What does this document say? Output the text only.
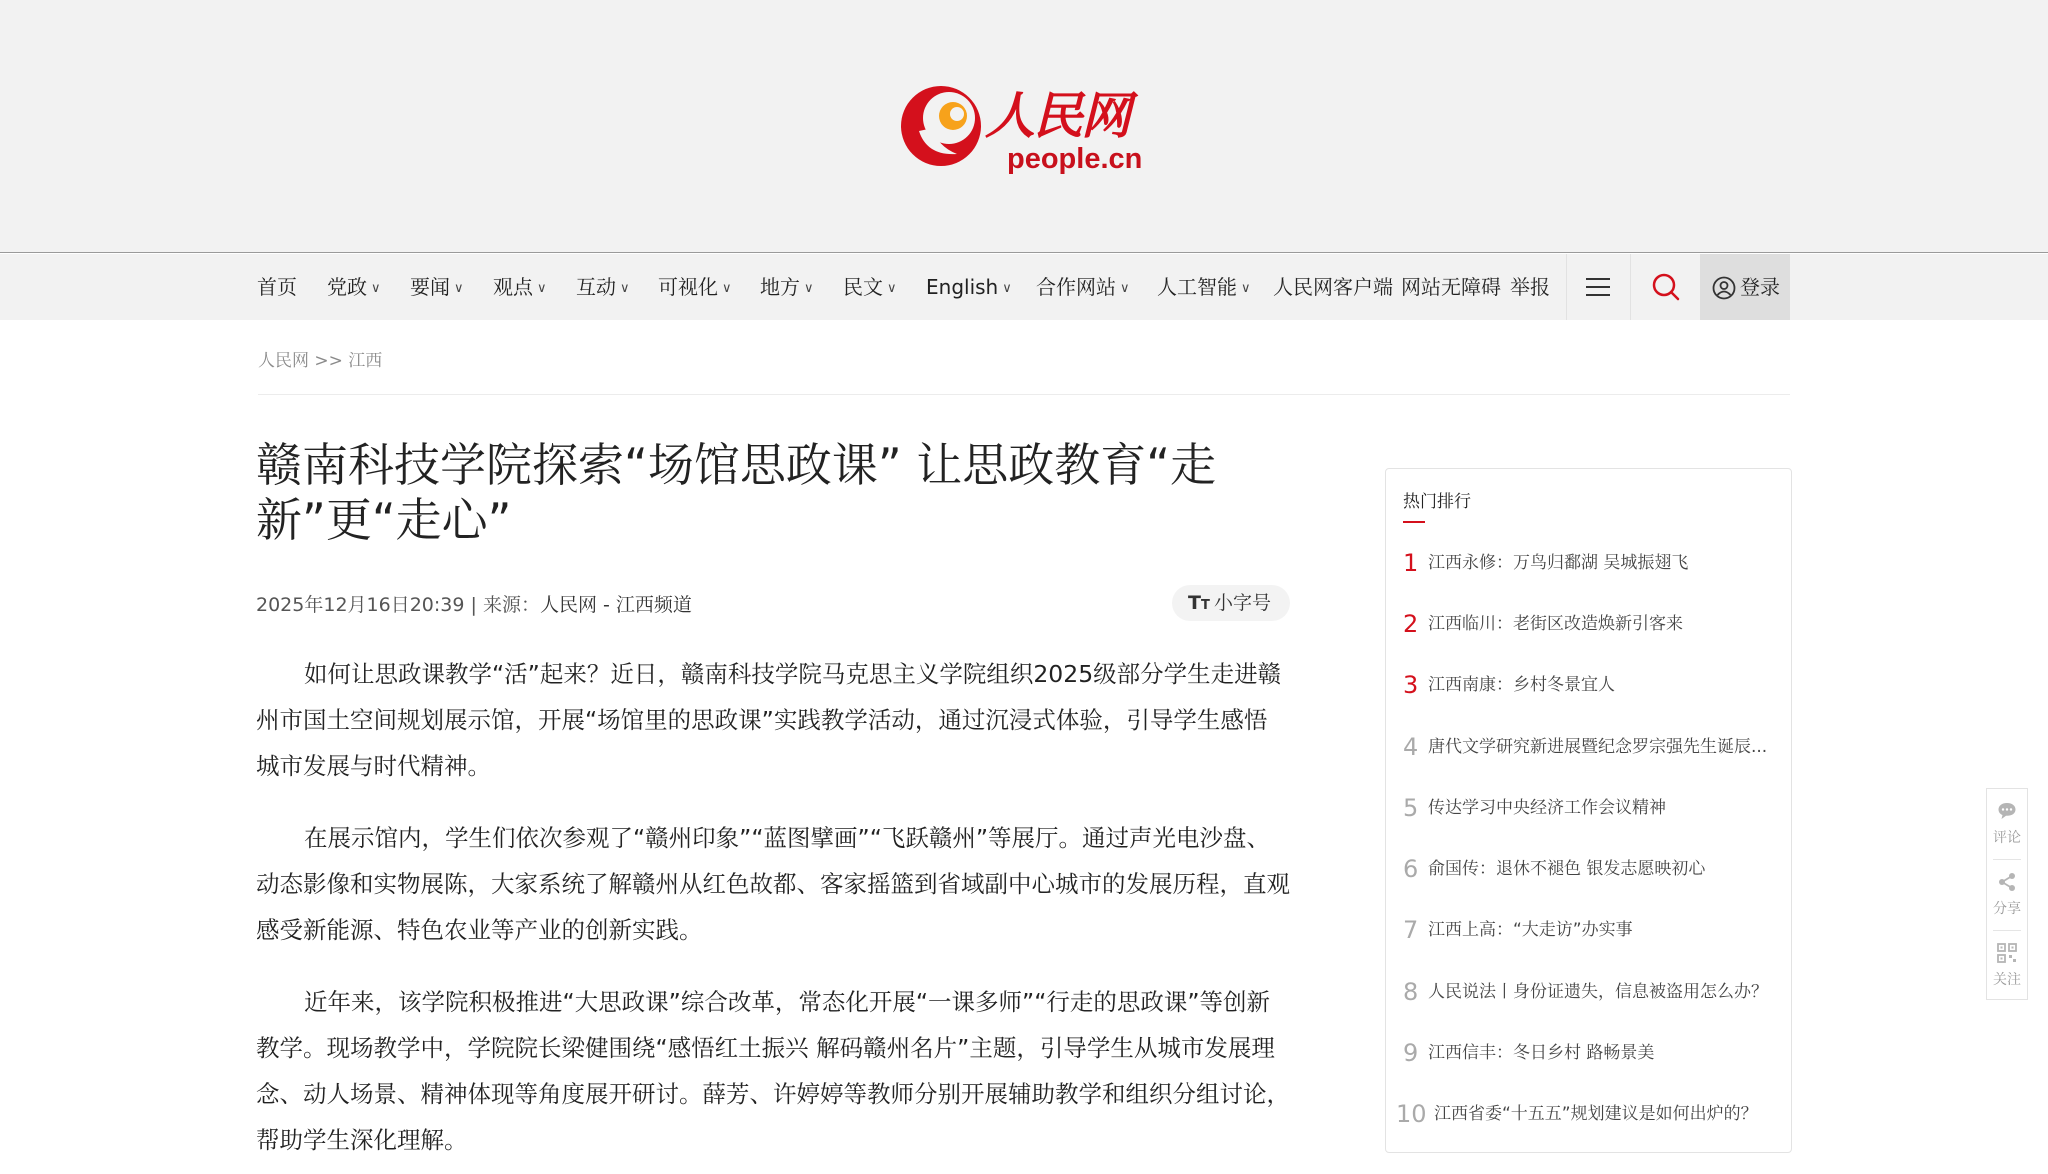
人民网
people.cn
首页 党政 ∨ 要闻 ∨ 观点 ∨ 互动 ∨ 可视化 ∨ 地方 ∨ 民文 ∨ English ∨ 合作网站 ∨ 人工智能 ∨ 人民网客户端 网站无障碍 举报	登录
人民网 >> 江西
赣南科技学院探索“场馆思政课” 让思政教育“走新”更“走心”
2025年12月16日20:39 | 来源：人民网 - 江西频道	TT 小字号

如何让思政课教学“活”起来？近日，赣南科技学院马克思主义学院组织2025级部分学生走进赣州市国土空间规划展示馆，开展“场馆里的思政课”实践教学活动，通过沉浸式体验，引导学生感悟城市发展与时代精神。

在展示馆内，学生们依次参观了“赣州印象”“蓝图擘画”“飞跃赣州”等展厅。通过声光电沙盘、动态影像和实物展陈，大家系统了解赣州从红色故都、客家摇篮到省域副中心城市的发展历程，直观感受新能源、特色农业等产业的创新实践。

近年来，该学院积极推进“大思政课”综合改革，常态化开展“一课多师”“行走的思政课”等创新教学。现场教学中，学院院长梁健围绕“感悟红土振兴 解码赣州名片”主题，引导学生从城市发展理念、动人场景、精神体现等角度展开研讨。薛芳、许婷婷等教师分别开展辅助教学和组织分组讨论，帮助学生深化理解。

热门排行
1 江西永修：万鸟归鄱湖 吴城振翅飞
2 江西临川：老街区改造焕新引客来
3 江西南康：乡村冬景宜人
4 唐代文学研究新进展暨纪念罗宗强先生诞辰...
5 传达学习中央经济工作会议精神
6 俞国传：退休不褪色 银发志愿映初心
7 江西上高：“大走访”办实事
8 人民说法丨身份证遗失，信息被盗用怎么办？
9 江西信丰：冬日乡村 路畅景美
10 江西省委“十五五”规划建议是如何出炉的？
评论
分享
关注
